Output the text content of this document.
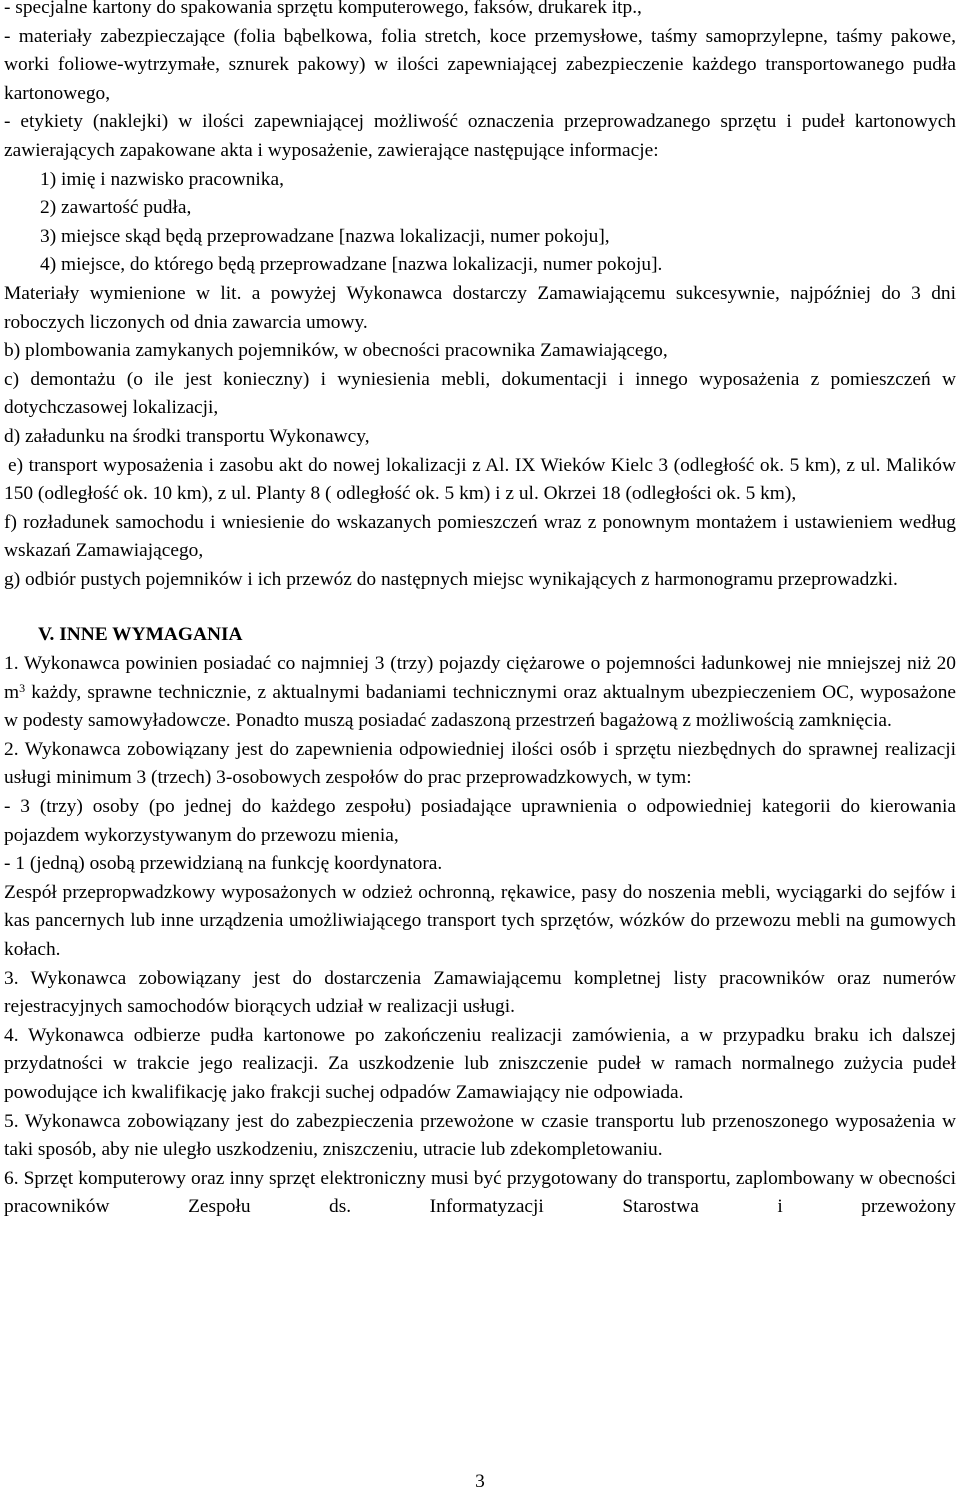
- specjalne kartony do spakowania sprzętu komputerowego, faksów, drukarek itp.,

- materiały zabezpieczające (folia bąbelkowa, folia stretch, koce przemysłowe, taśmy samoprzylepne, taśmy pakowe, worki foliowe-wytrzymałe, sznurek pakowy) w ilości zapewniającej zabezpieczenie każdego transportowanego pudła kartonowego,

- etykiety (naklejki) w ilości zapewniającej możliwość oznaczenia przeprowadzanego sprzętu i pudeł kartonowych zawierających zapakowane akta i wyposażenie, zawierające następujące informacje:

1) imię i nazwisko pracownika,

2) zawartość pudła,

3) miejsce skąd będą przeprowadzane [nazwa lokalizacji, numer pokoju],

4) miejsce, do którego będą przeprowadzane [nazwa lokalizacji, numer pokoju].

Materiały wymienione w lit. a powyżej Wykonawca dostarczy Zamawiającemu sukcesywnie, najpóźniej do 3 dni roboczych liczonych od dnia zawarcia umowy.

b) plombowania zamykanych pojemników, w obecności pracownika Zamawiającego,

c) demontażu (o ile jest konieczny) i wyniesienia mebli, dokumentacji i innego wyposażenia z pomieszczeń w dotychczasowej lokalizacji,

d) załadunku na środki transportu Wykonawcy,

e) transport wyposażenia i zasobu akt do nowej lokalizacji z Al. IX Wieków Kielc 3 (odległość ok. 5 km), z ul. Malików 150 (odległość ok. 10 km), z ul. Planty 8 ( odległość ok. 5 km) i z ul. Okrzei 18 (odległości ok. 5 km),

f) rozładunek samochodu i wniesienie do wskazanych pomieszczeń wraz z ponownym montażem i ustawieniem według wskazań Zamawiającego,

g) odbiór pustych pojemników i ich przewóz do następnych miejsc wynikających z harmonogramu przeprowadzki.

V. INNE WYMAGANIA

1. Wykonawca powinien posiadać co najmniej 3 (trzy) pojazdy ciężarowe o pojemności ładunkowej nie mniejszej niż 20 $m^3$ każdy, sprawne technicznie, z aktualnymi badaniami technicznymi oraz aktualnym ubezpieczeniem OC, wyposażone w podesty samowyładowcze. Ponadto muszą posiadać zadaszoną przestrzeń bagażową z możliwością zamknięcia.

2. Wykonawca zobowiązany jest do zapewnienia odpowiedniej ilości osób i sprzętu niezbędnych do sprawnej realizacji usługi minimum 3 (trzech) 3-osobowych zespołów do prac przeprowadzkowych, w tym:

- 3 (trzy) osoby (po jednej do każdego zespołu) posiadające uprawnienia o odpowiedniej kategorii do kierowania pojazdem wykorzystywanym do przewozu mienia,

- 1 (jedną) osobą przewidzianą na funkcję koordynatora.

Zespół przepropwadzkowy wyposażonych w odzież ochronną, rękawice, pasy do noszenia mebli, wyciągarki do sejfów i kas pancernych lub inne urządzenia umożliwiającego transport tych sprzętów, wózków do przewozu mebli na gumowych kołach.

3. Wykonawca zobowiązany jest do dostarczenia Zamawiającemu kompletnej listy pracowników oraz numerów rejestracyjnych samochodów biorących udział w realizacji usługi.

4. Wykonawca odbierze pudła kartonowe po zakończeniu realizacji zamówienia, a w przypadku braku ich dalszej przydatności w trakcie jego realizacji. Za uszkodzenie lub zniszczenie pudeł w ramach normalnego zużycia pudeł powodujące ich kwalifikację jako frakcji suchej odpadów Zamawiający nie odpowiada.

5. Wykonawca zobowiązany jest do zabezpieczenia przewożone w czasie transportu lub przenoszonego wyposażenia w taki sposób, aby nie uległo uszkodzeniu, zniszczeniu, utracie lub zdekompletowaniu.

6. Sprzęt komputerowy oraz inny sprzęt elektroniczny musi być przygotowany do transportu, zaplombowany w obecności pracowników Zespołu ds. Informatyzacji Starostwa i przewożony

3
